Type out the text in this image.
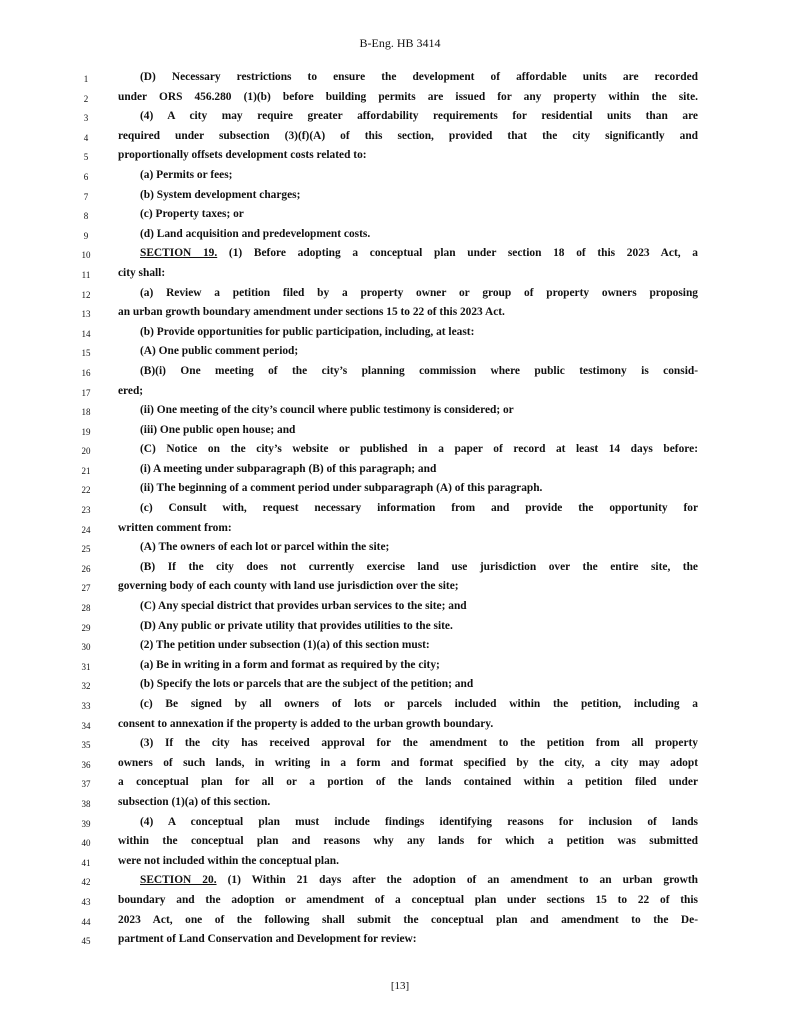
B-Eng. HB 3414
1	(D) Necessary restrictions to ensure the development of affordable units are recorded
2	under ORS 456.280 (1)(b) before building permits are issued for any property within the site.
3	(4) A city may require greater affordability requirements for residential units than are
4	required under subsection (3)(f)(A) of this section, provided that the city significantly and
5	proportionally offsets development costs related to:
6	(a) Permits or fees;
7	(b) System development charges;
8	(c) Property taxes; or
9	(d) Land acquisition and predevelopment costs.
10	SECTION 19. (1) Before adopting a conceptual plan under section 18 of this 2023 Act, a
11	city shall:
12	(a) Review a petition filed by a property owner or group of property owners proposing
13	an urban growth boundary amendment under sections 15 to 22 of this 2023 Act.
14	(b) Provide opportunities for public participation, including, at least:
15	(A) One public comment period;
16	(B)(i) One meeting of the city’s planning commission where public testimony is consid-
17	ered;
18	(ii) One meeting of the city’s council where public testimony is considered; or
19	(iii) One public open house; and
20	(C) Notice on the city’s website or published in a paper of record at least 14 days before:
21	(i) A meeting under subparagraph (B) of this paragraph; and
22	(ii) The beginning of a comment period under subparagraph (A) of this paragraph.
23	(c) Consult with, request necessary information from and provide the opportunity for
24	written comment from:
25	(A) The owners of each lot or parcel within the site;
26	(B) If the city does not currently exercise land use jurisdiction over the entire site, the
27	governing body of each county with land use jurisdiction over the site;
28	(C) Any special district that provides urban services to the site; and
29	(D) Any public or private utility that provides utilities to the site.
30	(2) The petition under subsection (1)(a) of this section must:
31	(a) Be in writing in a form and format as required by the city;
32	(b) Specify the lots or parcels that are the subject of the petition; and
33	(c) Be signed by all owners of lots or parcels included within the petition, including a
34	consent to annexation if the property is added to the urban growth boundary.
35	(3) If the city has received approval for the amendment to the petition from all property
36	owners of such lands, in writing in a form and format specified by the city, a city may adopt
37	a conceptual plan for all or a portion of the lands contained within a petition filed under
38	subsection (1)(a) of this section.
39	(4) A conceptual plan must include findings identifying reasons for inclusion of lands
40	within the conceptual plan and reasons why any lands for which a petition was submitted
41	were not included within the conceptual plan.
42	SECTION 20. (1) Within 21 days after the adoption of an amendment to an urban growth
43	boundary and the adoption or amendment of a conceptual plan under sections 15 to 22 of this
44	2023 Act, one of the following shall submit the conceptual plan and amendment to the De-
45	partment of Land Conservation and Development for review:
[13]
